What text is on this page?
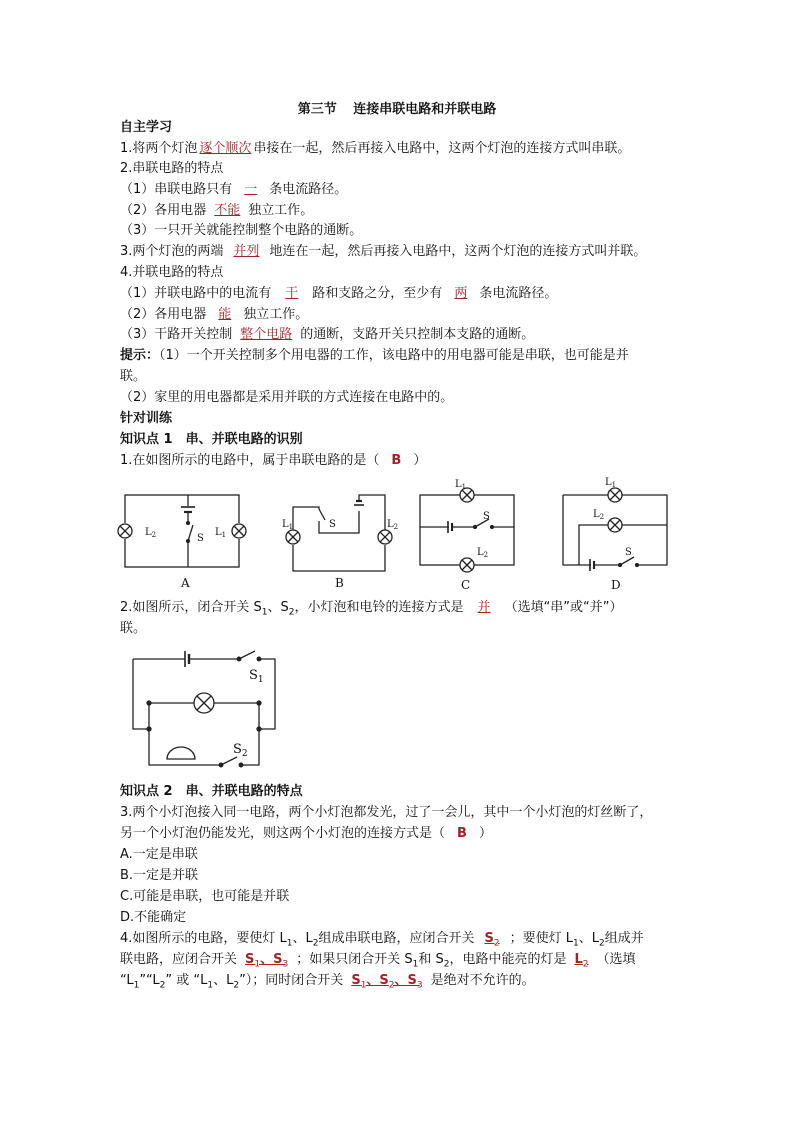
第三节 连接串联电路和并联电路
自主学习
1.将两个灯泡 逐个顺次 串接在一起，然后再接入电路中，这两个灯泡的连接方式叫串联。
2.串联电路的特点
（1）串联电路只有 一 条电流路径。
（2）各用电器 不能 独立工作。
（3）一只开关就能控制整个电路的通断。
3.两个灯泡的两端 并列 地连在一起，然后再接入电路中，这两个灯泡的连接方式叫并联。
4.并联电路的特点
（1）并联电路中的电流有 干 路和支路之分，至少有 两 条电流路径。
（2）各用电器 能 独立工作。
（3）干路开关控制 整个电路 的通断，支路开关只控制本支路的通断。
提示：（1）一个开关控制多个用电器的工作，该电路中的用电器可能是串联，也可能是并
联。
（2）家里的用电器都是采用并联的方式连接在电路中的。
针对训练
知识点 1　串、并联电路的识别
1.在如图所示的电路中，属于串联电路的是（ B ）
$L_2$	$L_1$
S
A
$L_1$	$L_2$
S
B
$L_1$
$L_2$
S
C
$L_1$
$L_2$
S
D
2.如图所示，闭合开关 $S_1$、$S_2$，小灯泡和电铃的连接方式是 并 （选填“串”或“并”）
联。
$S_1$
$S_2$
知识点 2　串、并联电路的特点
3.两个小灯泡接入同一电路，两个小灯泡都发光，过了一会儿，其中一个小灯泡的灯丝断了，
另一个小灯泡仍能发光，则这两个小灯泡的连接方式是（ B ）
A.一定是串联
B.一定是并联
C.可能是串联，也可能是并联
D.不能确定
4.如图所示的电路，要使灯 $L_1$、$L_2$组成串联电路，应闭合开关 $S_2$ ；要使灯 $L_1$、$L_2$组成并
联电路，应闭合开关 $S_1$、$S_3$ ；如果只闭合开关 $S_1$和 $S_2$，电路中能亮的灯是 $L_2$ （选填
“$L_1”“L_2$” 或 “$L_1$、$L_2$”）；同时闭合开关 $S_1$、$S_2$、$S_3$ 是绝对不允许的。
